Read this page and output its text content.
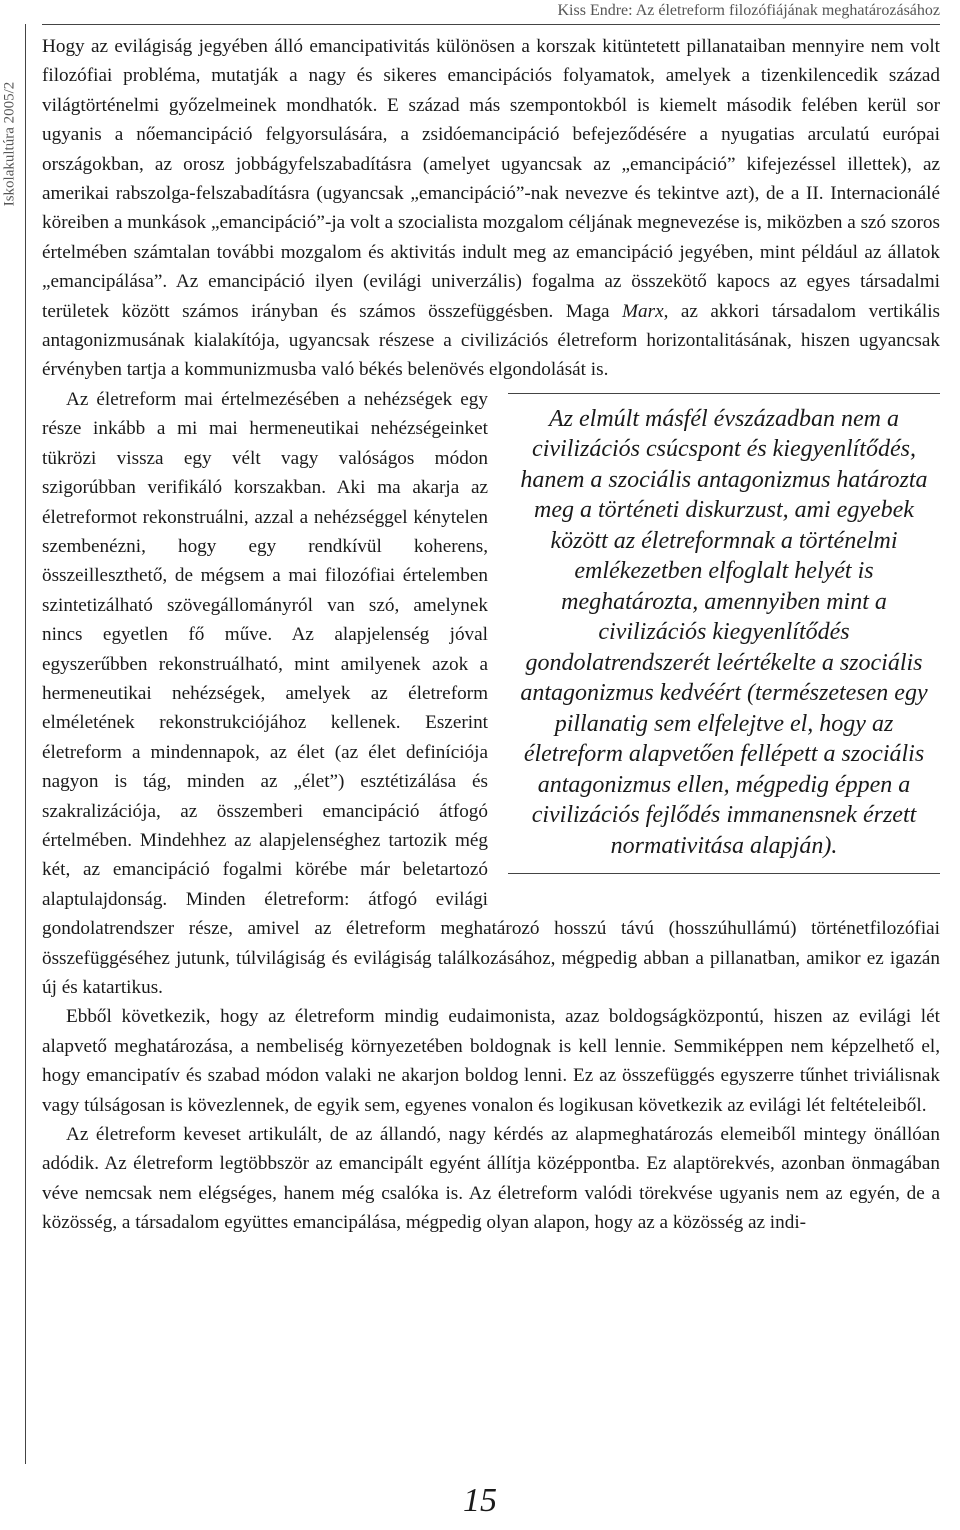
Kiss Endre: Az életreform filozófiájának meghatározásához
Iskolakultúra 2005/2

Hogy az evilágiság jegyében álló emancipativitás különösen a korszak kitüntetett pillanataiban mennyire nem volt filozófiai probléma, mutatják a nagy és sikeres emancipációs folyamatok, amelyek a tizenkilencedik század világtörténelmi győzelmeinek mondhatók. E század más szempontokból is kiemelt második felében kerül sor ugyanis a nőemancipáció felgyorsulására, a zsidóemancipáció befejeződésére a nyugatias arculatú európai országokban, az orosz jobbágyfelszabadításra (amelyet ugyancsak az „emancipáció” kifejezéssel illettek), az amerikai rabszolga-felszabadításra (ugyancsak „emancipáció”-nak nevezve és tekintve azt), de a II. Internacionálé köreiben a munkások „emancipáció”-ja volt a szocialista mozgalom céljának megnevezése is, miközben a szó szoros értelmében számtalan további mozgalom és aktivitás indult meg az emancipáció jegyében, mint például az állatok „emancipálása”. Az emancipáció ilyen (evilági univerzális) fogalma az összekötő kapocs az egyes társadalmi területek között számos irányban és számos összefüggésben. Maga Marx, az akkori társadalom vertikális antagonizmusának kialakítója, ugyancsak részese a civilizációs életreform horizontalitásának, hiszen ugyancsak érvényben tartja a kommunizmusba való békés belenövés elgondolását is.

Az elmúlt másfél évszázadban nem a civilizációs csúcspont és kiegyenlítődés, hanem a szociális antagonizmus határozta meg a történeti diskurzust, ami egyebek között az életreformnak a történelmi emlékezetben elfoglalt helyét is meghatározta, amennyiben mint a civilizációs kiegyenlítődés gondolatrendszerét leértékelte a szociális antagonizmus kedvéért (természetesen egy pillanatig sem elfelejtve el, hogy az életreform alapvetően fellépett a szociális antagonizmus ellen, mégpedig éppen a civilizációs fejlődés immanensnek érzett normativitása alapján).

Az életreform mai értelmezésében a nehézségek egy része inkább a mi mai hermeneutikai nehézségeinket tükrözi vissza egy vélt vagy valóságos módon szigorúbban verifikáló korszakban. Aki ma akarja az életreformot rekonstruálni, azzal a nehézséggel kénytelen szembenézni, hogy egy rendkívül koherens, összeilleszthető, de mégsem a mai filozófiai értelemben szintetizálható szövegállományról van szó, amelynek nincs egyetlen fő műve. Az alapjelenség jóval egyszerűbben rekonstruálható, mint amilyenek azok a hermeneutikai nehézségek, amelyek az életreform elméletének rekonstrukciójához kellenek. Eszerint életreform a mindennapok, az élet (az élet definíciója nagyon is tág, minden az „élet”) esztétizálása és szakralizációja, az összemberi emancipáció átfogó értelmében. Mindehhez az alapjelenséghez tartozik még két, az emancipáció fogalmi körébe már beletartozó alaptulajdonság. Minden életreform: átfogó evilági gondolatrendszer része, amivel az életreform meghatározó hosszú távú (hosszúhullámú) történetfilozófiai összefüggéséhez jutunk, túlvilágiság és evilágiság találkozásához, mégpedig abban a pillanatban, amikor ez igazán új és katartikus.

Ebből következik, hogy az életreform mindig eudaimonista, azaz boldogságközpontú, hiszen az evilági lét alapvető meghatározása, a nembeliség környezetében boldognak is kell lennie. Semmiképpen nem képzelhető el, hogy emancipatív és szabad módon valaki ne akarjon boldog lenni. Ez az összefüggés egyszerre tűnhet triviálisnak vagy túlságosan is kövezlennek, de egyik sem, egyenes vonalon és logikusan következik az evilági lét feltételeiből.

Az életreform keveset artikulált, de az állandó, nagy kérdés az alapmeghatározás elemeiből mintegy önállóan adódik. Az életreform legtöbbször az emancipált egyént állítja középpontba. Ez alaptörekvés, azonban önmagában véve nemcsak nem elégséges, hanem még csalóka is. Az életreform valódi törekvése ugyanis nem az egyén, de a közösség, a társadalom együttes emancipálása, mégpedig olyan alapon, hogy az a közösség az indi-

15
